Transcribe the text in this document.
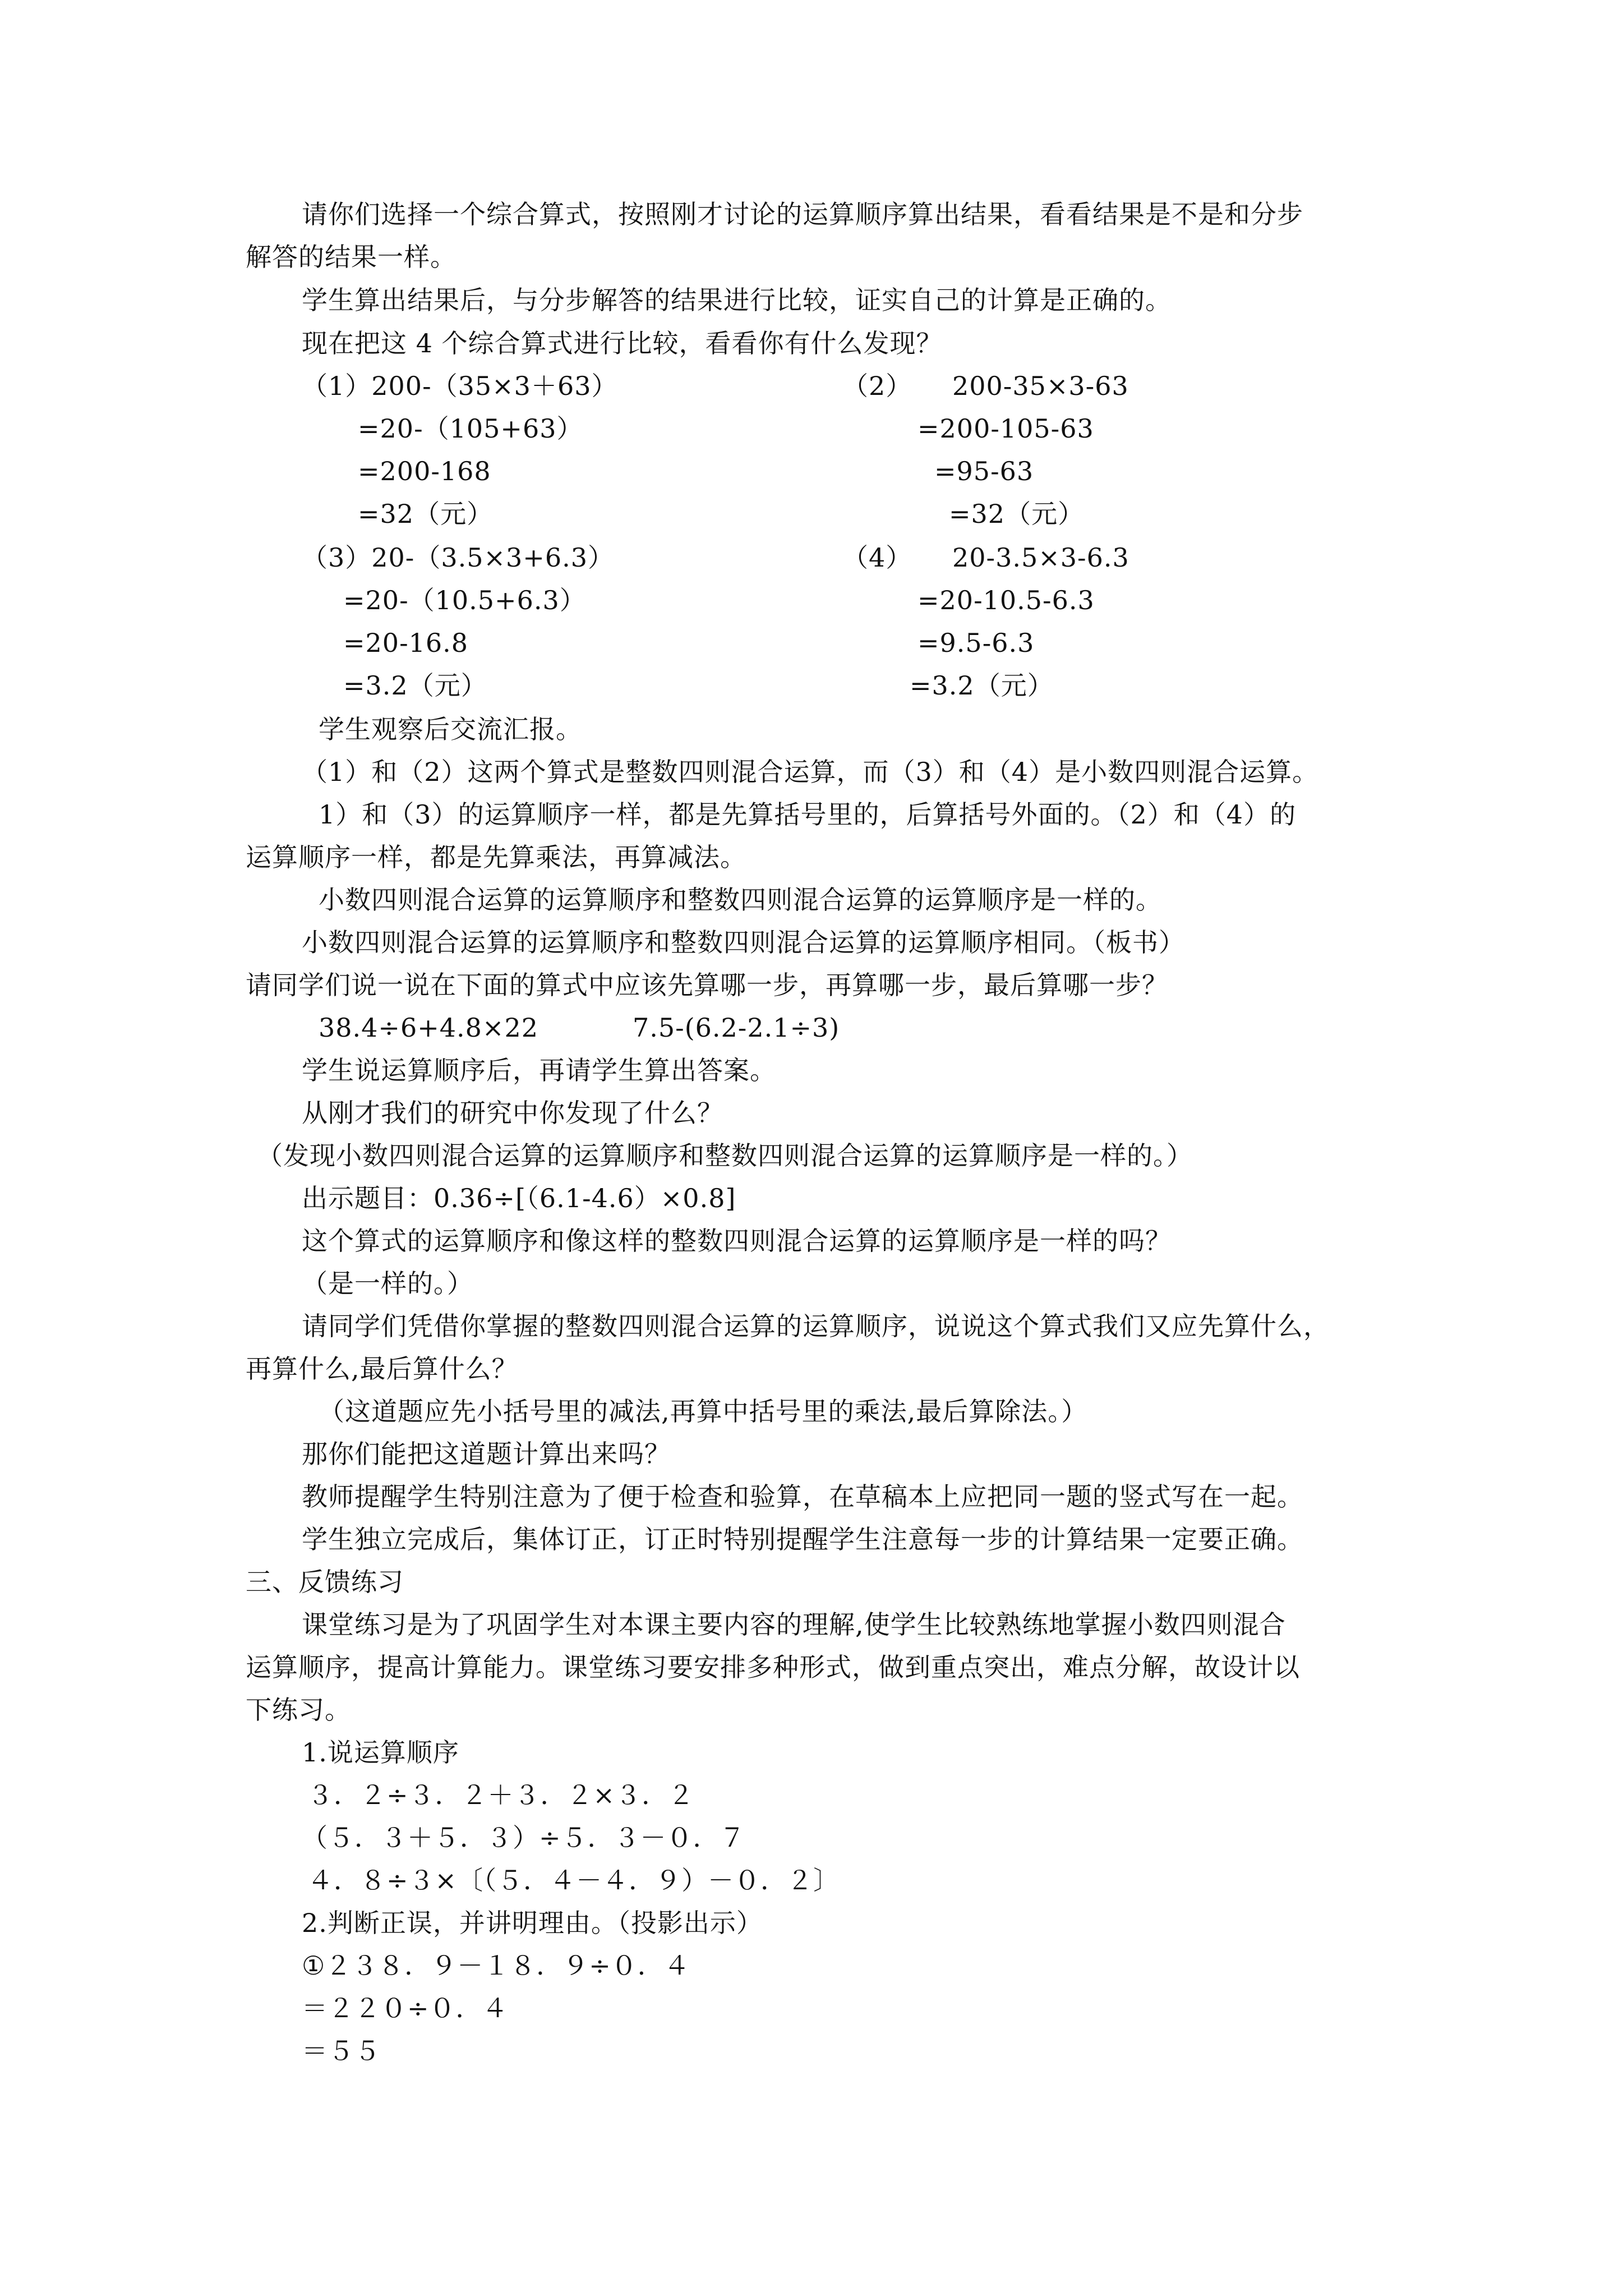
请你们选择一个综合算式，按照刚才讨论的运算顺序算出结果，看看结果是不是和分步
解答的结果一样。
学生算出结果后，与分步解答的结果进行比较，证实自己的计算是正确的。
现在把这 4 个综合算式进行比较，看看你有什么发现？
（1）200-（35×3＋63）
=20-（105+63）
=200-168
=32（元）
（2） 200-35×3-63
=200-105-63
=95-63
=32（元）
（3）20-（3.5×3+6.3）
=20-（10.5+6.3）
=20-16.8
=3.2（元）
（4） 20-3.5×3-6.3
=20-10.5-6.3
=9.5-6.3
=3.2（元）
学生观察后交流汇报。
（1）和（2）这两个算式是整数四则混合运算，而（3）和（4）是小数四则混合运算。
1）和（3）的运算顺序一样，都是先算括号里的，后算括号外面的。（2）和（4）的
运算顺序一样，都是先算乘法，再算减法。
小数四则混合运算的运算顺序和整数四则混合运算的运算顺序是一样的。
小数四则混合运算的运算顺序和整数四则混合运算的运算顺序相同。（板书）
请同学们说一说在下面的算式中应该先算哪一步，再算哪一步，最后算哪一步？
38.4÷6+4.8×22	7.5-(6.2-2.1÷3)
学生说运算顺序后，再请学生算出答案。
从刚才我们的研究中你发现了什么？
（发现小数四则混合运算的运算顺序和整数四则混合运算的运算顺序是一样的。）
出示题目：0.36÷[（6.1-4.6）×0.8]
这个算式的运算顺序和像这样的整数四则混合运算的运算顺序是一样的吗？
（是一样的。）
请同学们凭借你掌握的整数四则混合运算的运算顺序，说说这个算式我们又应先算什么，
再算什么,最后算什么？
（这道题应先小括号里的减法,再算中括号里的乘法,最后算除法。）
那你们能把这道题计算出来吗？
教师提醒学生特别注意为了便于检查和验算，在草稿本上应把同一题的竖式写在一起。
学生独立完成后，集体订正，订正时特别提醒学生注意每一步的计算结果一定要正确。
三、反馈练习
课堂练习是为了巩固学生对本课主要内容的理解,使学生比较熟练地掌握小数四则混合
运算顺序，提高计算能力。课堂练习要安排多种形式，做到重点突出，难点分解，故设计以
下练习。
1.说运算顺序
３．２÷３．２＋３．２×３．２
（５．３＋５．３）÷５．３－０．７
４．８÷３×〔（５．４－４．９）－０．２〕
2.判断正误，并讲明理由。（投影出示）
①２３８．９－１８．９÷０．４
＝２２０÷０．４
＝５５
